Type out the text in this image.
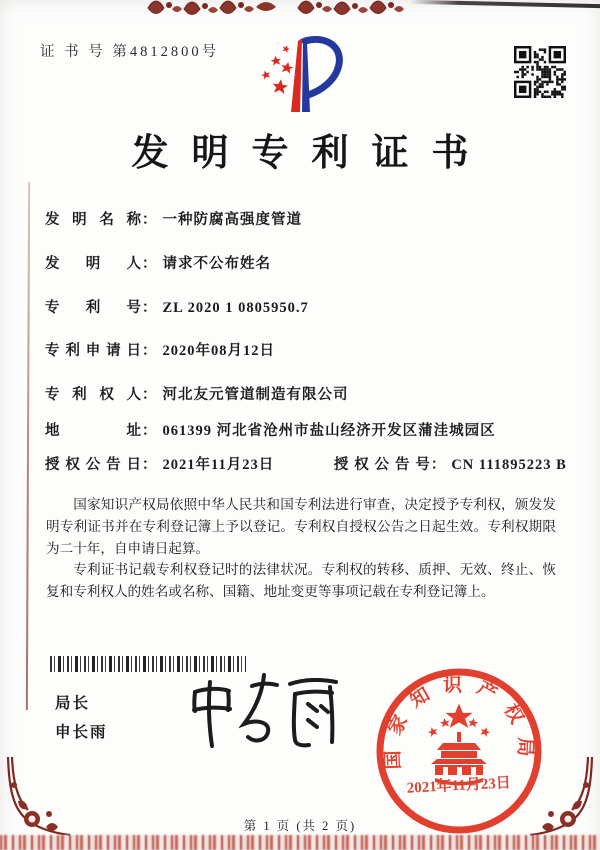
证 书 号 第4812800号
发明专利证书
发明名称： 一种防腐高强度管道
发明人： 请求不公布姓名
专利号： ZL 2020 1 0805950.7
专利申请日： 2020年08月12日
专利权人： 河北友元管道制造有限公司
地址： 061399 河北省沧州市盐山经济开发区蒲洼城园区
授权公告日： 2021年11月23日	授权公告号： CN 111895223 B

国家知识产权局依照中华人民共和国专利法进行审查，决定授予专利权，颁发发明专利证书并在专利登记簿上予以登记。专利权自授权公告之日起生效。专利权期限为二十年，自申请日起算。

专利证书记载专利权登记时的法律状况。专利权的转移、质押、无效、终止、恢复和专利权人的姓名或名称、国籍、地址变更等事项记载在专利登记簿上。

局长
申长雨
国家知识产权局
2021年11月23日
第 1 页 (共 2 页)
